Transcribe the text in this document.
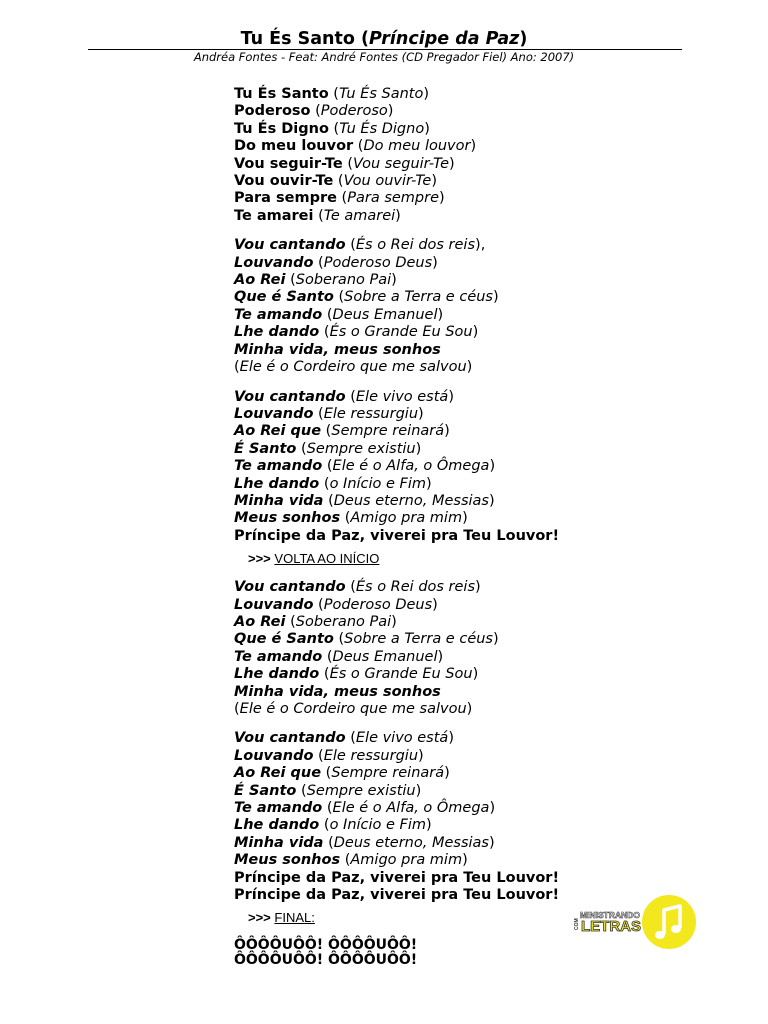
Tu És Santo (Príncipe da Paz)
Andréa Fontes - Feat: André Fontes (CD Pregador Fiel) Ano: 2007)
Tu És Santo (Tu És Santo)
Poderoso (Poderoso)
Tu És Digno (Tu És Digno)
Do meu louvor (Do meu louvor)
Vou seguir-Te (Vou seguir-Te)
Vou ouvir-Te (Vou ouvir-Te)
Para sempre (Para sempre)
Te amarei (Te amarei)
Vou cantando (És o Rei dos reis),
Louvando (Poderoso Deus)
Ao Rei (Soberano Pai)
Que é Santo (Sobre a Terra e céus)
Te amando (Deus Emanuel)
Lhe dando (És o Grande Eu Sou)
Minha vida, meus sonhos
(Ele é o Cordeiro que me salvou)
Vou cantando (Ele vivo está)
Louvando (Ele ressurgiu)
Ao Rei que (Sempre reinará)
É Santo (Sempre existiu)
Te amando (Ele é o Alfa, o Ômega)
Lhe dando (o Início e Fim)
Minha vida (Deus eterno, Messias)
Meus sonhos (Amigo pra mim)
Príncipe da Paz, viverei pra Teu Louvor!
>>> VOLTA AO INÍCIO
Vou cantando (És o Rei dos reis)
Louvando (Poderoso Deus)
Ao Rei (Soberano Pai)
Que é Santo (Sobre a Terra e céus)
Te amando (Deus Emanuel)
Lhe dando (És o Grande Eu Sou)
Minha vida, meus sonhos
(Ele é o Cordeiro que me salvou)
Vou cantando (Ele vivo está)
Louvando (Ele ressurgiu)
Ao Rei que (Sempre reinará)
É Santo (Sempre existiu)
Te amando (Ele é o Alfa, o Ômega)
Lhe dando (o Início e Fim)
Minha vida (Deus eterno, Messias)
Meus sonhos (Amigo pra mim)
Príncipe da Paz, viverei pra Teu Louvor!
Príncipe da Paz, viverei pra Teu Louvor!
>>> FINAL:
ÔÔÔÔUÔÔ! ÔÔÔÔUÔÔ!
ÔÔÔÔUÔÔ! ÔÔÔÔUÔÔ!
MINISTRANDO
LETRAS
COM
